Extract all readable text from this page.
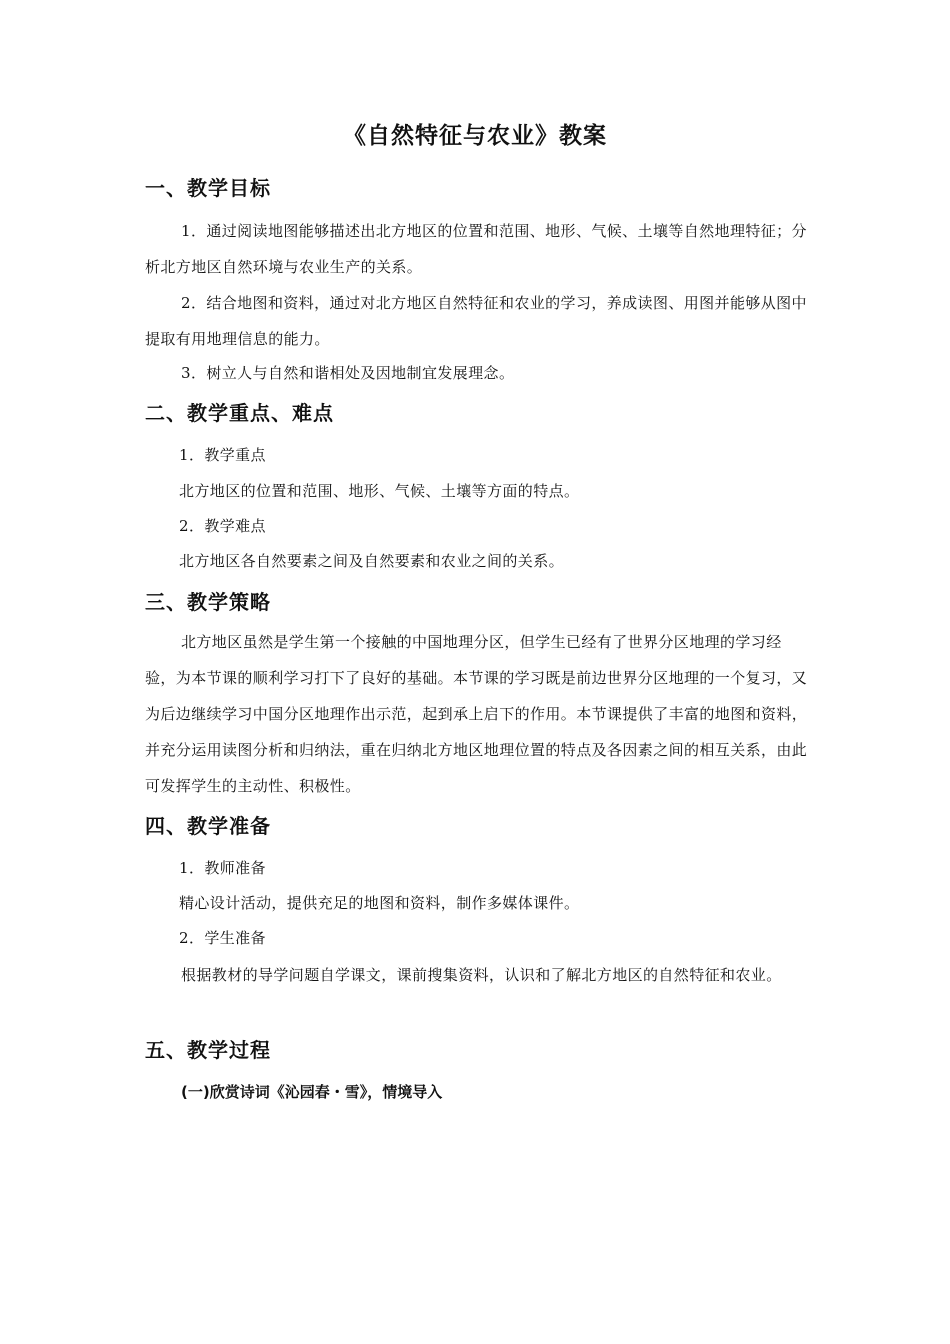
《自然特征与农业》教案
一、教学目标
1．通过阅读地图能够描述出北方地区的位置和范围、地形、气候、土壤等自然地理特征；分析北方地区自然环境与农业生产的关系。
2．结合地图和资料，通过对北方地区自然特征和农业的学习，养成读图、用图并能够从图中提取有用地理信息的能力。
3．树立人与自然和谐相处及因地制宜发展理念。
二、教学重点、难点
1．教学重点
北方地区的位置和范围、地形、气候、土壤等方面的特点。
2．教学难点
北方地区各自然要素之间及自然要素和农业之间的关系。
三、教学策略
北方地区虽然是学生第一个接触的中国地理分区，但学生已经有了世界分区地理的学习经验，为本节课的顺利学习打下了良好的基础。本节课的学习既是前边世界分区地理的一个复习，又为后边继续学习中国分区地理作出示范，起到承上启下的作用。本节课提供了丰富的地图和资料，并充分运用读图分析和归纳法，重在归纳北方地区地理位置的特点及各因素之间的相互关系，由此可发挥学生的主动性、积极性。
四、教学准备
1．教师准备
精心设计活动，提供充足的地图和资料，制作多媒体课件。
2．学生准备
根据教材的导学问题自学课文，课前搜集资料，认识和了解北方地区的自然特征和农业。
五、教学过程
(一)欣赏诗词《沁园春・雪》，情境导入
